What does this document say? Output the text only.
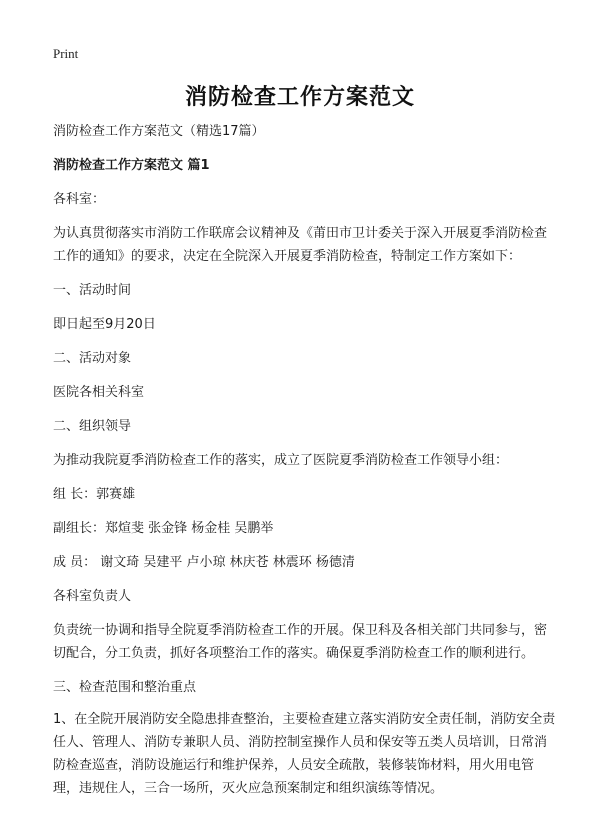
Print
消防检查工作方案范文

消防检查工作方案范文（精选17篇）

消防检查工作方案范文 篇1

各科室：

为认真贯彻落实市消防工作联席会议精神及《莆田市卫计委关于深入开展夏季消防检查工作的通知》的要求，决定在全院深入开展夏季消防检查，特制定工作方案如下：

一、活动时间

即日起至9月20日

二、活动对象

医院各相关科室

二、组织领导

为推动我院夏季消防检查工作的落实，成立了医院夏季消防检查工作领导小组：

组 长：郭赛雄

副组长：郑煊斐 张金锋 杨金桂 吴鹏举

成 员： 谢文琦 吴建平 卢小琼 林庆苍 林震环 杨德清

各科室负责人

负责统一协调和指导全院夏季消防检查工作的开展。保卫科及各相关部门共同参与，密切配合，分工负责，抓好各项整治工作的落实。确保夏季消防检查工作的顺利进行。

三、检查范围和整治重点

1、在全院开展消防安全隐患排查整治，主要检查建立落实消防安全责任制，消防安全责任人、管理人、消防专兼职人员、消防控制室操作人员和保安等五类人员培训，日常消防检查巡查，消防设施运行和维护保养，人员安全疏散，装修装饰材料，用火用电管理，违规住人，三合一场所，灭火应急预案制定和组织演练等情况。
